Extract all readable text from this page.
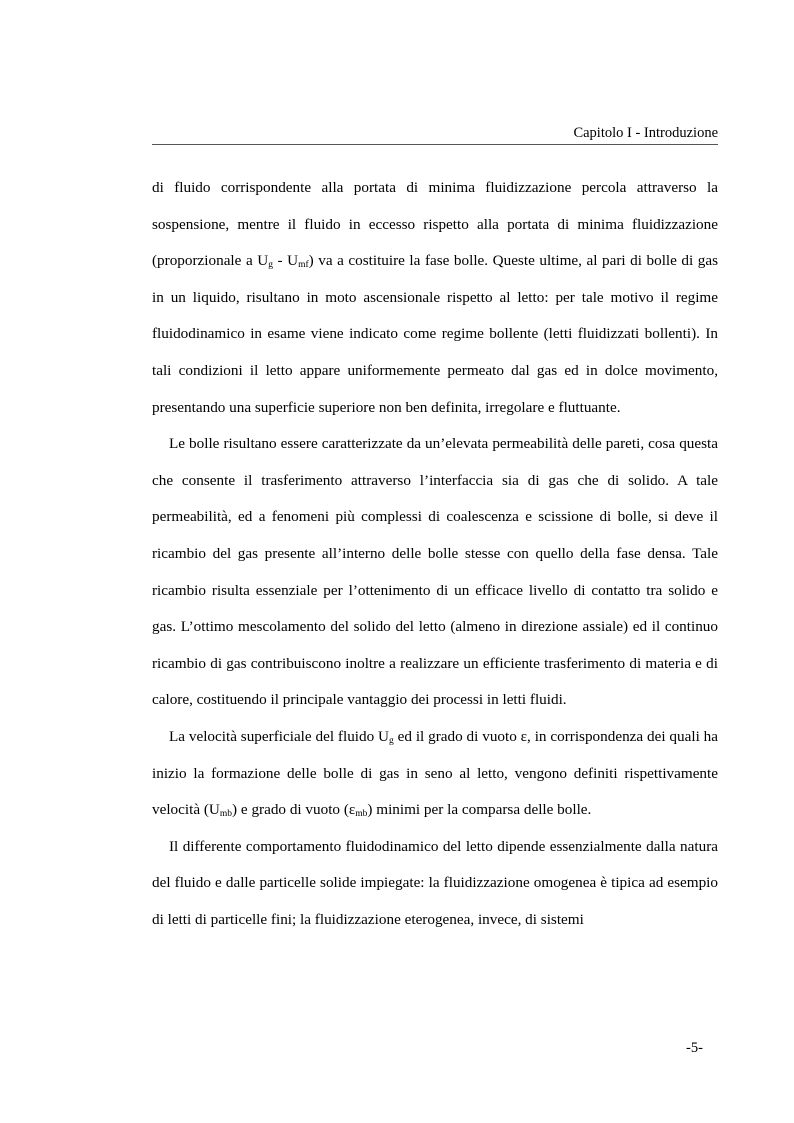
Capitolo I - Introduzione

di fluido corrispondente alla portata di minima fluidizzazione percola attraverso la sospensione, mentre il fluido in eccesso rispetto alla portata di minima fluidizzazione (proporzionale a $U_g - U_{mf}$) va a costituire la fase bolle. Queste ultime, al pari di bolle di gas in un liquido, risultano in moto ascensionale rispetto al letto: per tale motivo il regime fluidodinamico in esame viene indicato come regime bollente (letti fluidizzati bollenti). In tali condizioni il letto appare uniformemente permeato dal gas ed in dolce movimento, presentando una superficie superiore non ben definita, irregolare e fluttuante.

Le bolle risultano essere caratterizzate da un’elevata permeabilità delle pareti, cosa questa che consente il trasferimento attraverso l’interfaccia sia di gas che di solido. A tale permeabilità, ed a fenomeni più complessi di coalescenza e scissione di bolle, si deve il ricambio del gas presente all’interno delle bolle stesse con quello della fase densa. Tale ricambio risulta essenziale per l’ottenimento di un efficace livello di contatto tra solido e gas. L’ottimo mescolamento del solido del letto (almeno in direzione assiale) ed il continuo ricambio di gas contribuiscono inoltre a realizzare un efficiente trasferimento di materia e di calore, costituendo il principale vantaggio dei processi in letti fluidi.

La velocità superficiale del fluido $U_g$ ed il grado di vuoto ε, in corrispondenza dei quali ha inizio la formazione delle bolle di gas in seno al letto, vengono definiti rispettivamente velocità $(U_{mb})$ e grado di vuoto $(\varepsilon_{mb})$ minimi per la comparsa delle bolle.

Il differente comportamento fluidodinamico del letto dipende essenzialmente dalla natura del fluido e dalle particelle solide impiegate: la fluidizzazione omogenea è tipica ad esempio di letti di particelle fini; la fluidizzazione eterogenea, invece, di sistemi

-5-
